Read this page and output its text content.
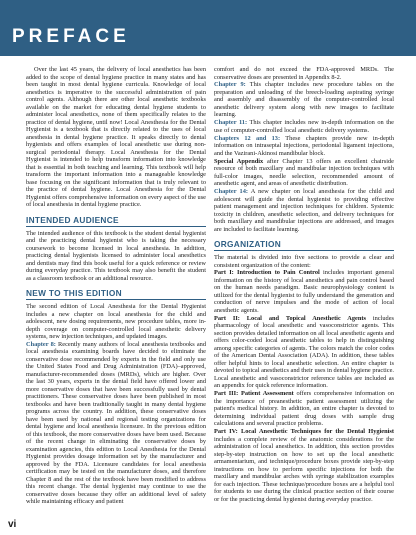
PREFACE

Over the last 45 years, the delivery of local anesthetics has been added to the scope of dental hygiene practice in many states and has been taught in most dental hygiene curricula. Knowledge of local anesthetics is imperative to the successful administration of pain control agents. Although there are other local anesthetic textbooks available on the market for educating dental hygiene students to administer local anesthetics, none of them specifically relates to the practice of dental hygiene, until now! Local Anesthesia for the Dental Hygienist is a textbook that is directly related to the uses of local anesthesia in dental hygiene practice. It speaks directly to dental hygienists and offers examples of local anesthetic use during non-surgical periodontal therapy. Local Anesthesia for the Dental Hygienist is intended to help transform information into knowledge that is essential in both teaching and learning. This textbook will help transform the important information into a manageable knowledge base focusing on the significant information that is truly relevant to the practice of dental hygiene. Local Anesthesia for the Dental Hygienist offers comprehensive information on every aspect of the use of local anesthesia in dental hygiene practice.

INTENDED AUDIENCE

The intended audience of this textbook is the student dental hygienist and the practicing dental hygienist who is taking the necessary coursework to become licensed in local anesthesia. In addition, practicing dental hygienists licensed to administer local anesthetics and dentists may find this book useful for a quick reference or review during everyday practice. This textbook may also benefit the student as a classroom textbook or an additional resource.

NEW TO THIS EDITION

The second edition of Local Anesthesia for the Dental Hygienist includes a new chapter on local anesthesia for the child and adolescent, new dosing requirements, new procedure tables, more in-depth coverage on computer-controlled local anesthetic delivery systems, new injection techniques, and updated images.

Chapter 8: Recently many authors of local anesthesia textbooks and local anesthesia examining boards have decided to eliminate the conservative dose recommended by experts in the field and only use the United States Food and Drug Administration (FDA)–approved, manufacturer-recommended doses (MRDs), which are higher. Over the last 30 years, experts in the dental field have offered lower and more conservative doses that have been successfully used by dental practitioners. These conservative doses have been published in most textbooks and have been traditionally taught in many dental hygiene programs across the country. In addition, these conservative doses have been used by national and regional testing organizations for dental hygiene and local anesthesia licensure. In the previous edition of this textbook, the more conservative doses have been used. Because of the recent change in eliminating the conservative doses by examination agencies, this edition to Local Anesthesia for the Dental Hygienist provides dosage information set by the manufacturer and approved by the FDA. Licensure candidates for local anesthesia certification may be tested on the manufacturer doses, and therefore Chapter 8 and the rest of the textbook have been modified to address this recent change. The dental hygienist may continue to use the conservative doses because they offer an additional level of safety while maintaining efficacy and patient

comfort and do not exceed the FDA-approved MRDs. The conservative doses are presented in Appendix 8-2.

Chapter 9: This chapter includes new procedure tables on the preparation and unloading of the breech-loading aspirating syringe and assembly and disassembly of the computer-controlled local anesthetic delivery system along with new images to facilitate learning.
Chapter 11: This chapter includes new in-depth information on the use of computer-controlled local anesthetic delivery systems.
Chapters 12 and 13: These chapters provide new in-depth information on intraseptal injections, periodontal ligament injections, and the Vazirani-Akinosi mandibular block.
Special Appendix after Chapter 13 offers an excellent chairside resource of both maxillary and mandibular injection techniques with full-color images, needle selection, recommended amount of anesthetic agent, and areas of anesthetic distribution.
Chapter 14: A new chapter on local anesthesia for the child and adolescent will guide the dental hygienist to providing effective patient management and injection techniques for children. Systemic toxicity in children, anesthetic selection, and delivery techniques for both maxillary and mandibular injections are addressed, and images are included to facilitate learning.
ORGANIZATION

The material is divided into five sections to provide a clear and consistent organization of the content:

Part I: Introduction to Pain Control includes important general information on the history of local anesthetics and pain control based on the human needs paradigm. Basic neurophysiology content is utilized for the dental hygienist to fully understand the generation and conduction of nerve impulses and the mode of action of local anesthetic agents.
Part II: Local and Topical Anesthetic Agents includes pharmacology of local anesthetic and vasoconstrictor agents. This section provides detailed information on all local anesthetic agents and offers color-coded local anesthetic tables to help in distinguishing among specific categories of agents. The colors match the color codes of the American Dental Association (ADA). In addition, these tables offer helpful hints to local anesthetic selection. An entire chapter is devoted to topical anesthetics and their uses in dental hygiene practice. Local anesthetic and vasoconstrictor reference tables are included as an appendix for quick reference information.
Part III: Patient Assessment offers comprehensive information on the importance of preanesthetic patient assessment utilizing the patient's medical history. In addition, an entire chapter is devoted to determining individual patient drug doses with sample drug calculations and several practice problems.
Part IV: Local Anesthetic Techniques for the Dental Hygienist includes a complete review of the anatomic considerations for the administration of local anesthetics. In addition, this section provides step-by-step instruction on how to set up the local anesthetic armamentarium, and technique/procedure boxes provide step-by-step instructions on how to perform specific injections for both the maxillary and mandibular arches with syringe stabilization examples for each injection. These technique/procedure boxes are a helpful tool for students to use during the clinical practice section of their course or for the practicing dental hygienist during everyday practice.
vi
